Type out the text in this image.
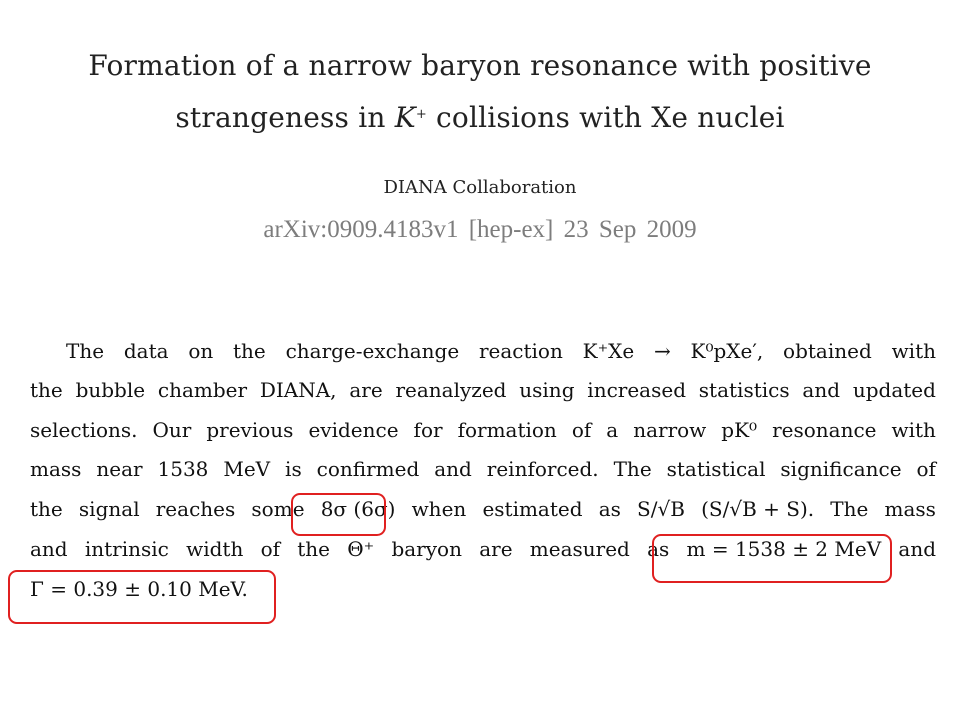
Formation of a narrow baryon resonance with positive
strangeness in K+ collisions with Xe nuclei
DIANA Collaboration
arXiv:0909.4183v1 [hep-ex] 23 Sep 2009
The data on the charge-exchange reaction K⁺Xe → K⁰pXe′, obtained with
the bubble chamber DIANA, are reanalyzed using increased statistics and updated
selections. Our previous evidence for formation of a narrow pK⁰ resonance with
mass near 1538 MeV is confirmed and reinforced. The statistical significance of
the signal reaches some 8σ (6σ) when estimated as S/√B (S/√B + S). The mass
and intrinsic width of the Θ⁺ baryon are measured as m = 1538 ± 2 MeV and
Γ = 0.39 ± 0.10 MeV.
